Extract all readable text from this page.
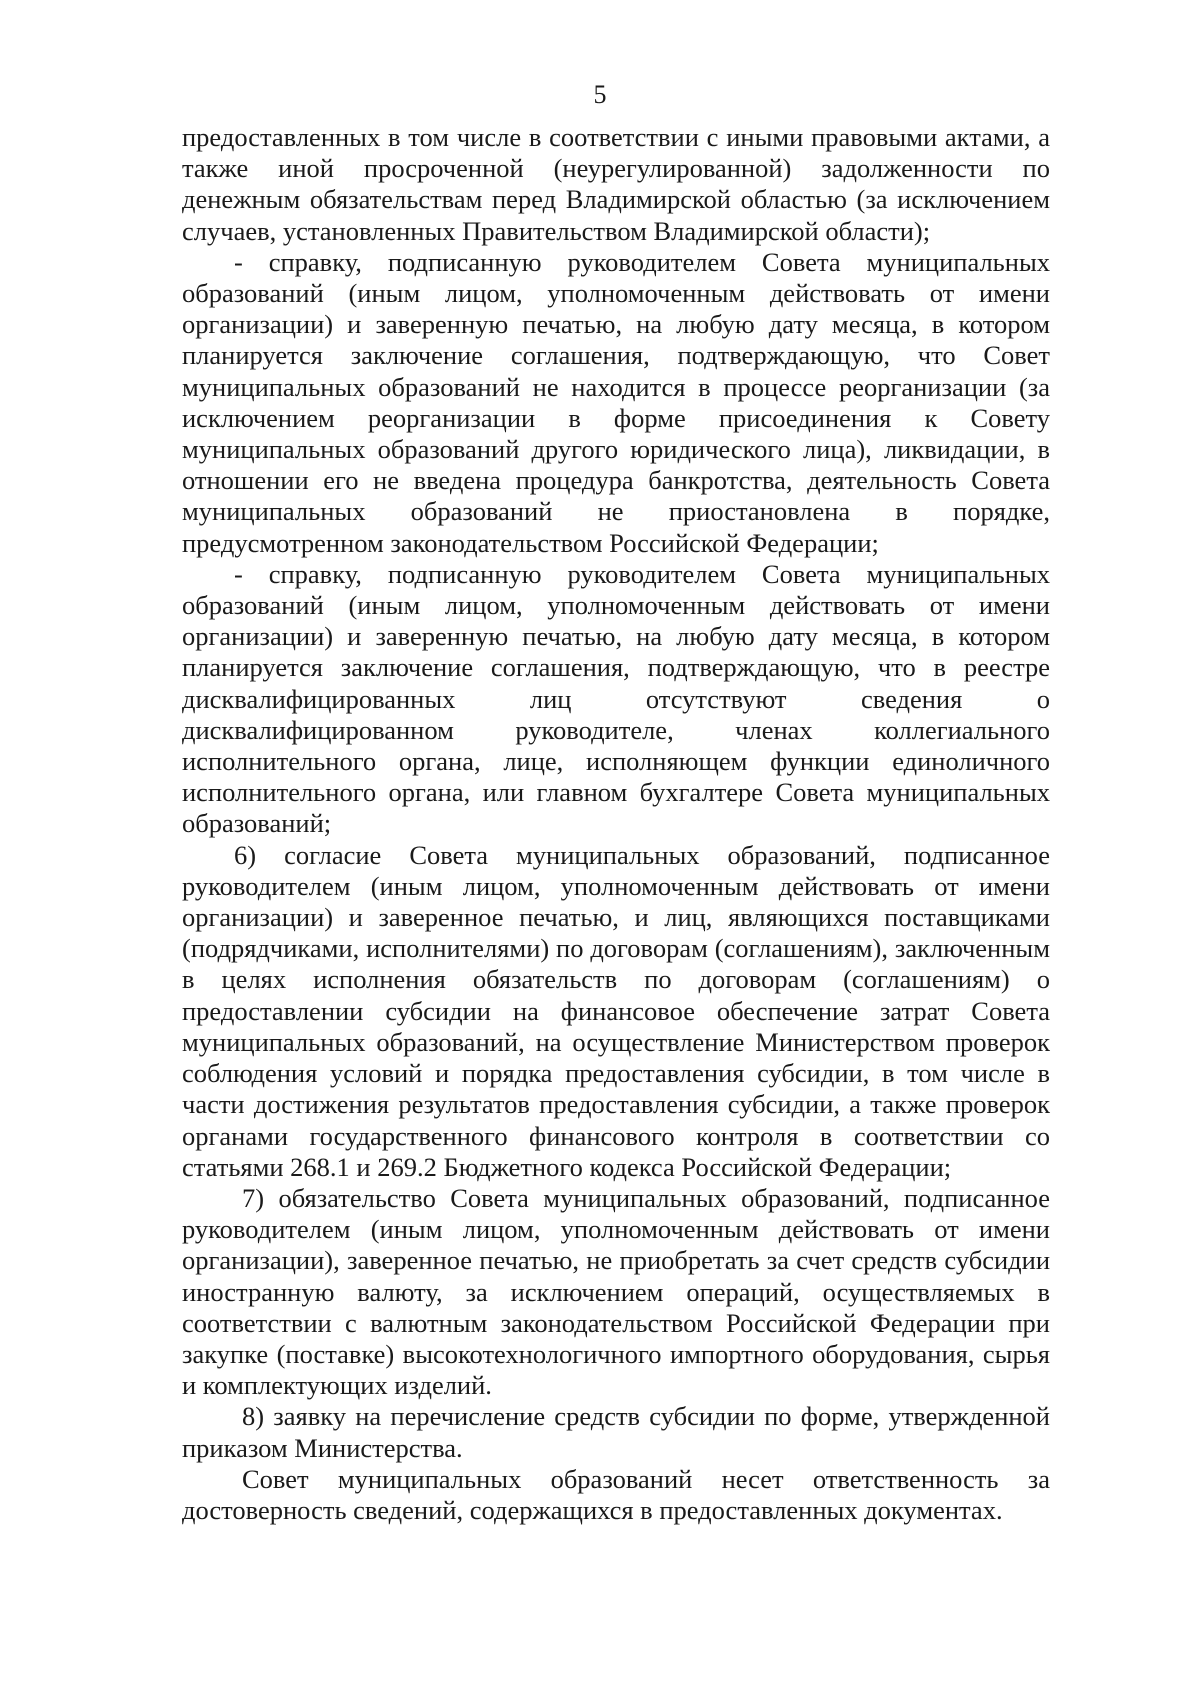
5

предоставленных в том числе в соответствии с иными правовыми актами, а также иной просроченной (неурегулированной) задолженности по денежным обязательствам перед Владимирской областью (за исключением случаев, установленных Правительством Владимирской области);

- справку, подписанную руководителем Совета муниципальных образований (иным лицом, уполномоченным действовать от имени организации) и заверенную печатью, на любую дату месяца, в котором планируется заключение соглашения, подтверждающую, что Совет муниципальных образований не находится в процессе реорганизации (за исключением реорганизации в форме присоединения к Совету муниципальных образований другого юридического лица), ликвидации, в отношении его не введена процедура банкротства, деятельность Совета муниципальных образований не приостановлена в порядке, предусмотренном законодательством Российской Федерации;

- справку, подписанную руководителем Совета муниципальных образований (иным лицом, уполномоченным действовать от имени организации) и заверенную печатью, на любую дату месяца, в котором планируется заключение соглашения, подтверждающую, что в реестре дисквалифицированных лиц отсутствуют сведения о дисквалифицированном руководителе, членах коллегиального исполнительного органа, лице, исполняющем функции единоличного исполнительного органа, или главном бухгалтере Совета муниципальных образований;

6) согласие Совета муниципальных образований, подписанное руководителем (иным лицом, уполномоченным действовать от имени организации) и заверенное печатью, и лиц, являющихся поставщиками (подрядчиками, исполнителями) по договорам (соглашениям), заключенным в целях исполнения обязательств по договорам (соглашениям) о предоставлении субсидии на финансовое обеспечение затрат Совета муниципальных образований, на осуществление Министерством проверок соблюдения условий и порядка предоставления субсидии, в том числе в части достижения результатов предоставления субсидии, а также проверок органами государственного финансового контроля в соответствии со статьями 268.1 и 269.2 Бюджетного кодекса Российской Федерации;

7) обязательство Совета муниципальных образований, подписанное руководителем (иным лицом, уполномоченным действовать от имени организации), заверенное печатью, не приобретать за счет средств субсидии иностранную валюту, за исключением операций, осуществляемых в соответствии с валютным законодательством Российской Федерации при закупке (поставке) высокотехнологичного импортного оборудования, сырья и комплектующих изделий.

8) заявку на перечисление средств субсидии по форме, утвержденной приказом Министерства.

Совет муниципальных образований несет ответственность за достоверность сведений, содержащихся в предоставленных документах.
